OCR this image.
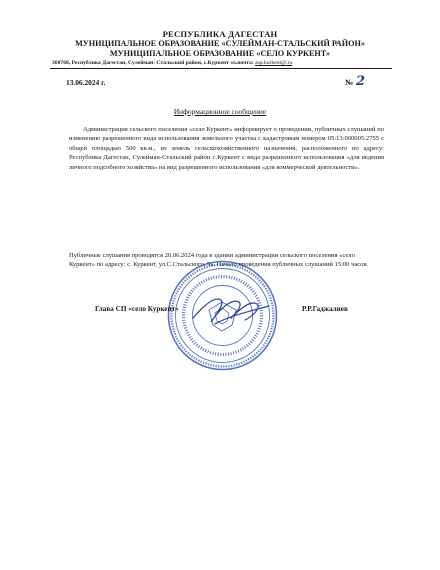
РЕСПУБЛИКА ДАГЕСТАН
МУНИЦИПАЛЬНОЕ ОБРАЗОВАНИЕ «СУЛЕЙМАН-СТАЛЬСКИЙ РАЙОН»
МУНИЦИПАЛЬНОЕ ОБРАЗОВАНИЕ «СЕЛО КУРКЕНТ»
368768, Республика Дагестан, Сулейман- Стальский район, с.Куркент эл.почта: asp.kurkent@.ru
13.06.2024 г.	№ 2
Информационное сообщение
Администрация сельского поселения «село Куркент» информирует о проведении, публичных слушаний по изменению разрешенного вида использования земельного участка с кадастровым номером 05:13:000005:2755 с общей площадью 500 кв.м., из земель сельскохозяйственного назначения, расположенного по адресу: Республика Дагестан, Сулейман-Стальский район с.Куркент с вида разрешенного использования «для ведения личного подсобного хозяйства» на вид разрешенного использования «для коммерческой деятельности».
Публичные слушания проводятся 20.06.2024 года в здании администрации сельского поселения «село Куркент» по адресу: с. Куркент, ул.С.Стальского, 9а. Начало проведения публичных слушаний 15:00 часов.
Глава СП «село Куркент»	Р.Р.Гаджалиев
